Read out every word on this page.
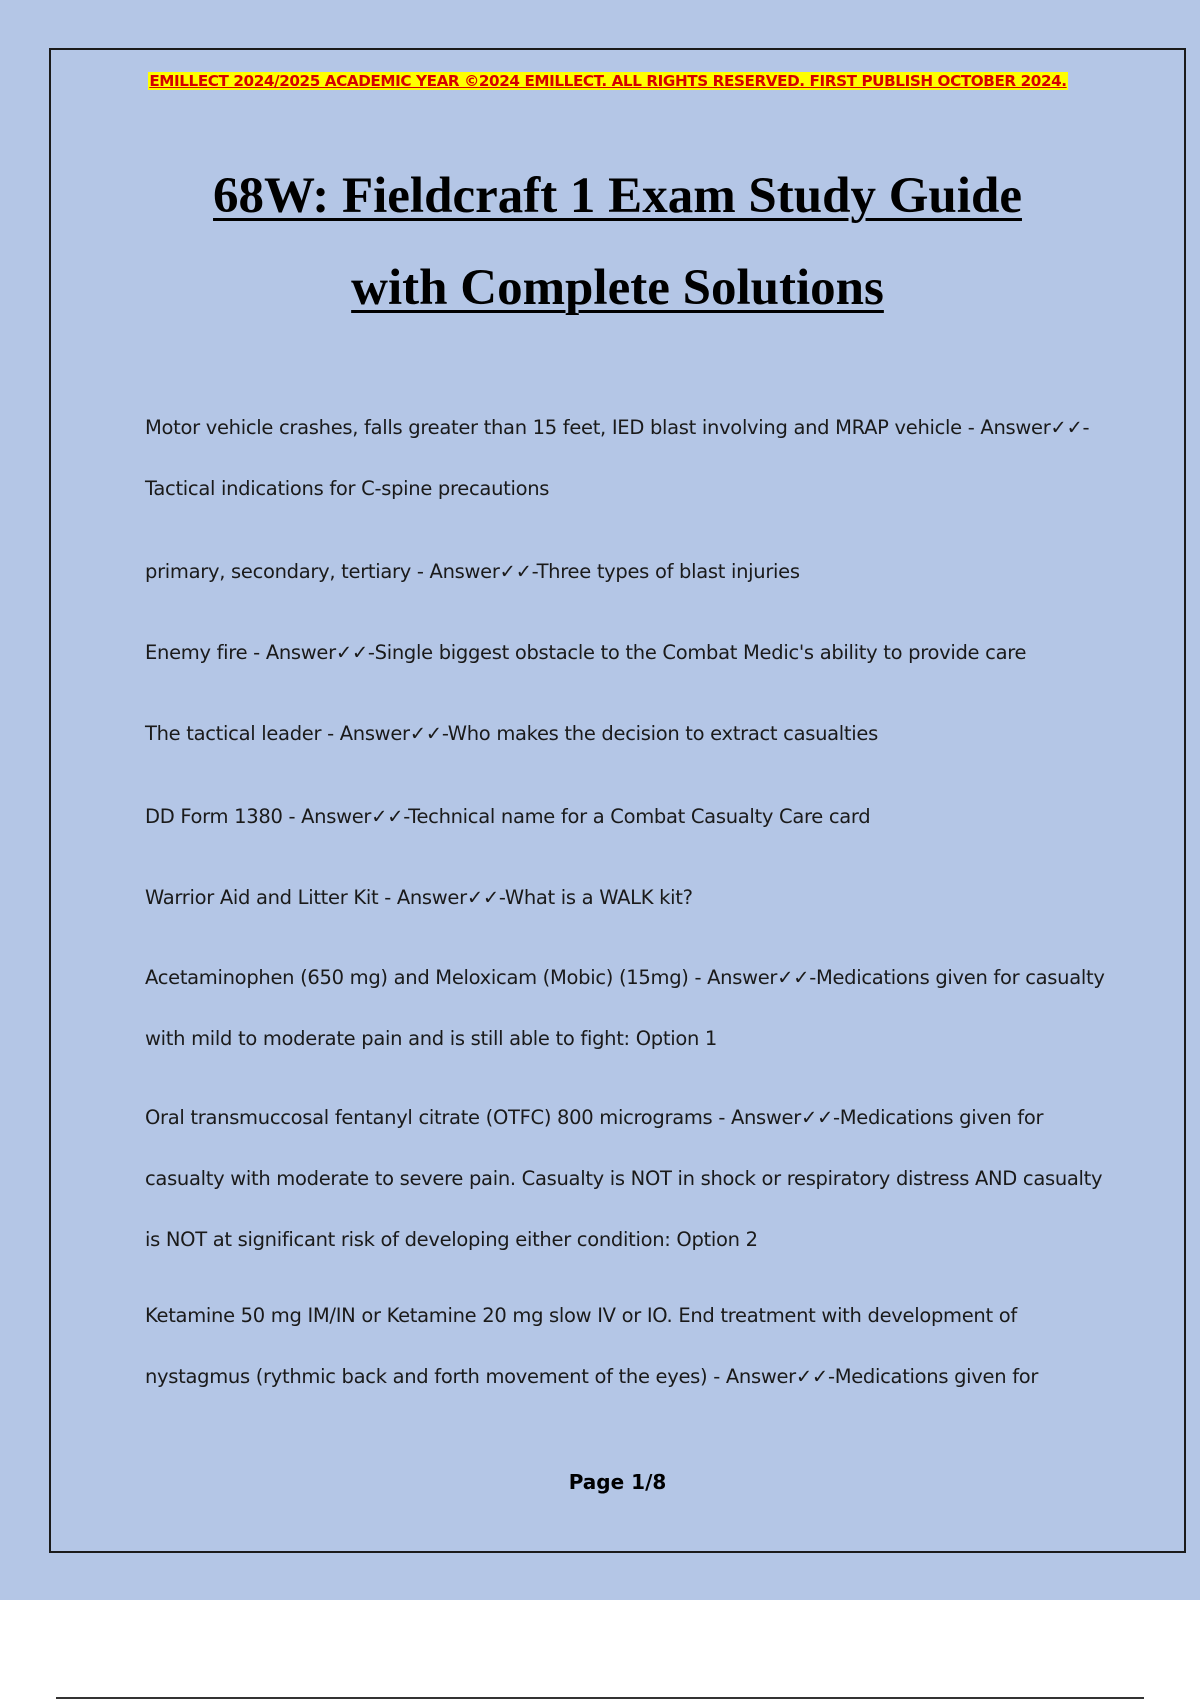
EMILLECT 2024/2025 ACADEMIC YEAR ©2024 EMILLECT. ALL RIGHTS RESERVED. FIRST PUBLISH OCTOBER 2024.
68W: Fieldcraft 1 Exam Study Guide
with Complete Solutions

Motor vehicle crashes, falls greater than 15 feet, IED blast involving and MRAP vehicle - Answer✓✓-Tactical indications for C-spine precautions

primary, secondary, tertiary - Answer✓✓-Three types of blast injuries

Enemy fire - Answer✓✓-Single biggest obstacle to the Combat Medic's ability to provide care

The tactical leader - Answer✓✓-Who makes the decision to extract casualties

DD Form 1380 - Answer✓✓-Technical name for a Combat Casualty Care card

Warrior Aid and Litter Kit - Answer✓✓-What is a WALK kit?

Acetaminophen (650 mg) and Meloxicam (Mobic) (15mg) - Answer✓✓-Medications given for casualty with mild to moderate pain and is still able to fight: Option 1

Oral transmuccosal fentanyl citrate (OTFC) 800 micrograms - Answer✓✓-Medications given for casualty with moderate to severe pain. Casualty is NOT in shock or respiratory distress AND casualty is NOT at significant risk of developing either condition: Option 2

Ketamine 50 mg IM/IN or Ketamine 20 mg slow IV or IO. End treatment with development of nystagmus (rythmic back and forth movement of the eyes) - Answer✓✓-Medications given for

Page 1/8
